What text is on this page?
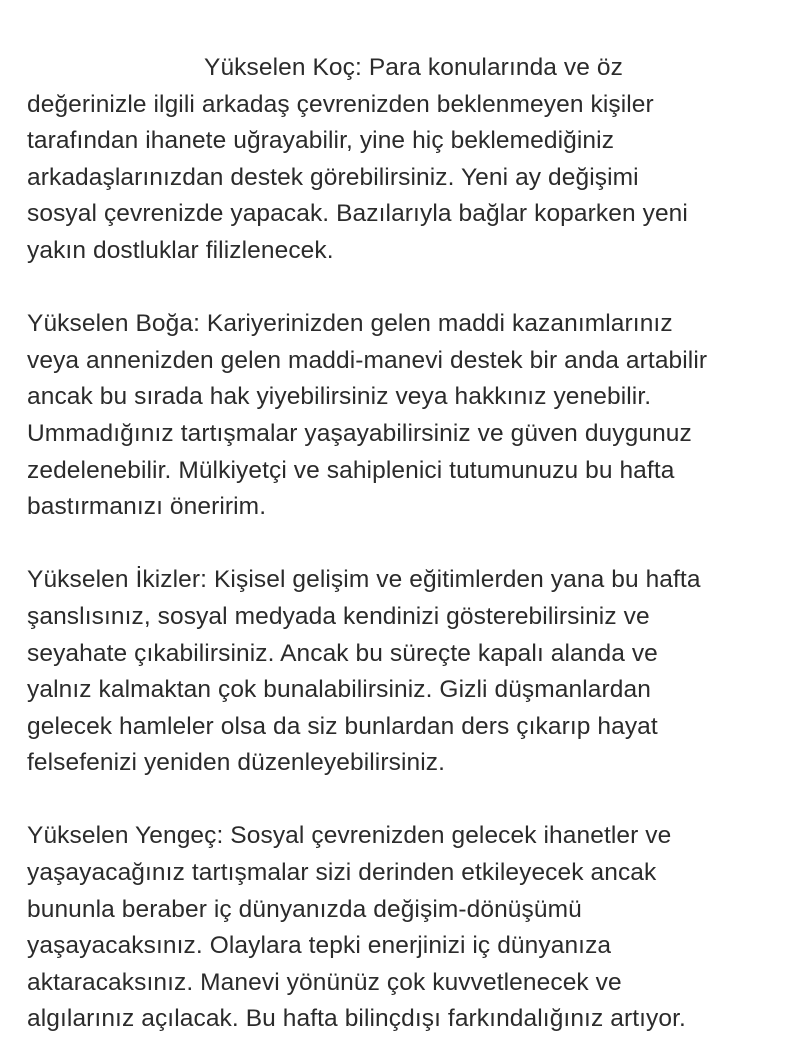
Yükselen Koç: Para konularında ve öz
değerinizle ilgili arkadaş çevrenizden beklenmeyen kişiler
tarafından ihanete uğrayabilir, yine hiç beklemediğiniz
arkadaşlarınızdan destek görebilirsiniz. Yeni ay değişimi
sosyal çevrenizde yapacak. Bazılarıyla bağlar koparken yeni
yakın dostluklar filizlenecek.
Yükselen Boğa: Kariyerinizden gelen maddi kazanımlarınız
veya annenizden gelen maddi-manevi destek bir anda artabilir
ancak bu sırada hak yiyebilirsiniz veya hakkınız yenebilir.
Ummadığınız tartışmalar yaşayabilirsiniz ve güven duygunuz
zedelenebilir. Mülkiyetçi ve sahiplenici tutumunuzu bu hafta
bastırmanızı öneririm.
Yükselen İkizler: Kişisel gelişim ve eğitimlerden yana bu hafta
şanslısınız, sosyal medyada kendinizi gösterebilirsiniz ve
seyahate çıkabilirsiniz. Ancak bu süreçte kapalı alanda ve
yalnız kalmaktan çok bunalabilirsiniz. Gizli düşmanlardan
gelecek hamleler olsa da siz bunlardan ders çıkarıp hayat
felsefenizi yeniden düzenleyebilirsiniz.
Yükselen Yengeç: Sosyal çevrenizden gelecek ihanetler ve
yaşayacağınız tartışmalar sizi derinden etkileyecek ancak
bununla beraber iç dünyanızda değişim-dönüşümü
yaşayacaksınız. Olaylara tepki enerjinizi iç dünyanıza
aktaracaksınız. Manevi yönünüz çok kuvvetlenecek ve
algılarınız açılacak. Bu hafta bilinçdışı farkındalığınız artıyor.
